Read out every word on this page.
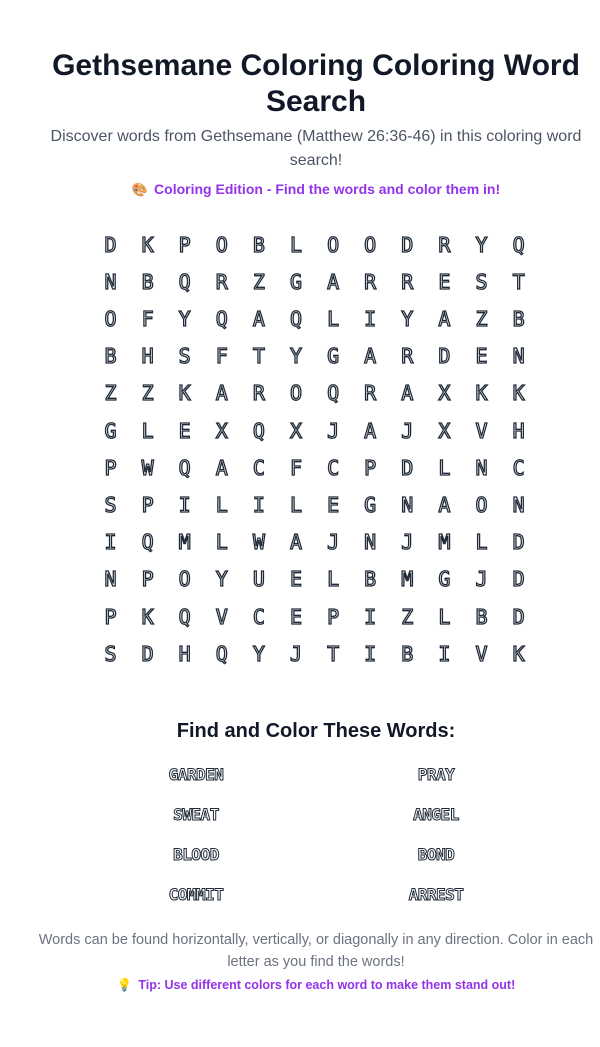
Gethsemane Coloring Coloring Word Search
Discover words from Gethsemane (Matthew 26:36-46) in this coloring word search!
🎨 Coloring Edition - Find the words and color them in!
D	K	P	O	B	L	O	O	D	R	Y	Q
N	B	Q	R	Z	G	A	R	R	E	S	T
O	F	Y	Q	A	Q	L	I	Y	A	Z	B
B	H	S	F	T	Y	G	A	R	D	E	N
Z	Z	K	A	R	O	Q	R	A	X	K	K
G	L	E	X	Q	X	J	A	J	X	V	H
P	W	Q	A	C	F	C	P	D	L	N	C
S	P	I	L	I	L	E	G	N	A	O	N
I	Q	M	L	W	A	J	N	J	M	L	D
N	P	O	Y	U	E	L	B	M	G	J	D
P	K	Q	V	C	E	P	I	Z	L	B	D
S	D	H	Q	Y	J	T	I	B	I	V	K
Find and Color These Words:
GARDEN	PRAY
SWEAT	ANGEL
BLOOD	BOND
COMMIT	ARREST
Words can be found horizontally, vertically, or diagonally in any direction. Color in each letter as you find the words!
💡 Tip: Use different colors for each word to make them stand out!
